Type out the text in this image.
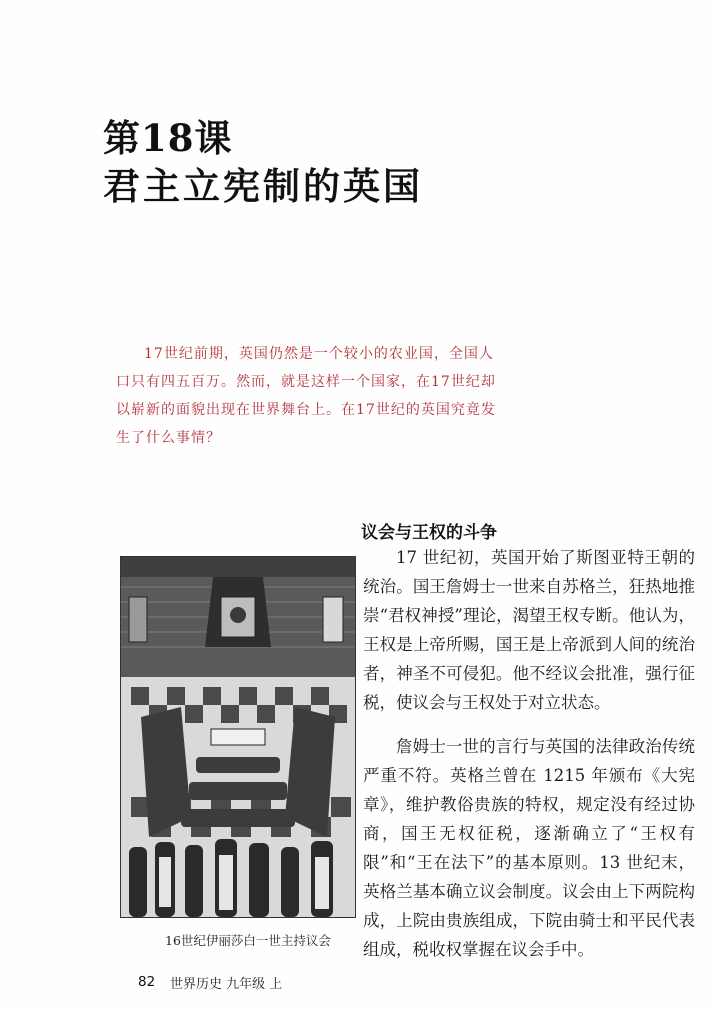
第18课
君主立宪制的英国

17世纪前期，英国仍然是一个较小的农业国，全国人口只有四五百万。然而，就是这样一个国家，在17世纪却以崭新的面貌出现在世界舞台上。在17世纪的英国究竟发生了什么事情？

16世纪伊丽莎白一世主持议会
议会与王权的斗争

17 世纪初，英国开始了斯图亚特王朝的统治。国王詹姆士一世来自苏格兰，狂热地推崇“君权神授”理论，渴望王权专断。他认为，王权是上帝所赐，国王是上帝派到人间的统治者，神圣不可侵犯。他不经议会批准，强行征税，使议会与王权处于对立状态。

詹姆士一世的言行与英国的法律政治传统严重不符。英格兰曾在 1215 年颁布《大宪章》，维护教俗贵族的特权，规定没有经过协商，国王无权征税，逐渐确立了“王权有限”和“王在法下”的基本原则。13 世纪末，英格兰基本确立议会制度。议会由上下两院构成，上院由贵族组成，下院由骑士和平民代表组成，税收权掌握在议会手中。

82 世界历史 九年级 上
